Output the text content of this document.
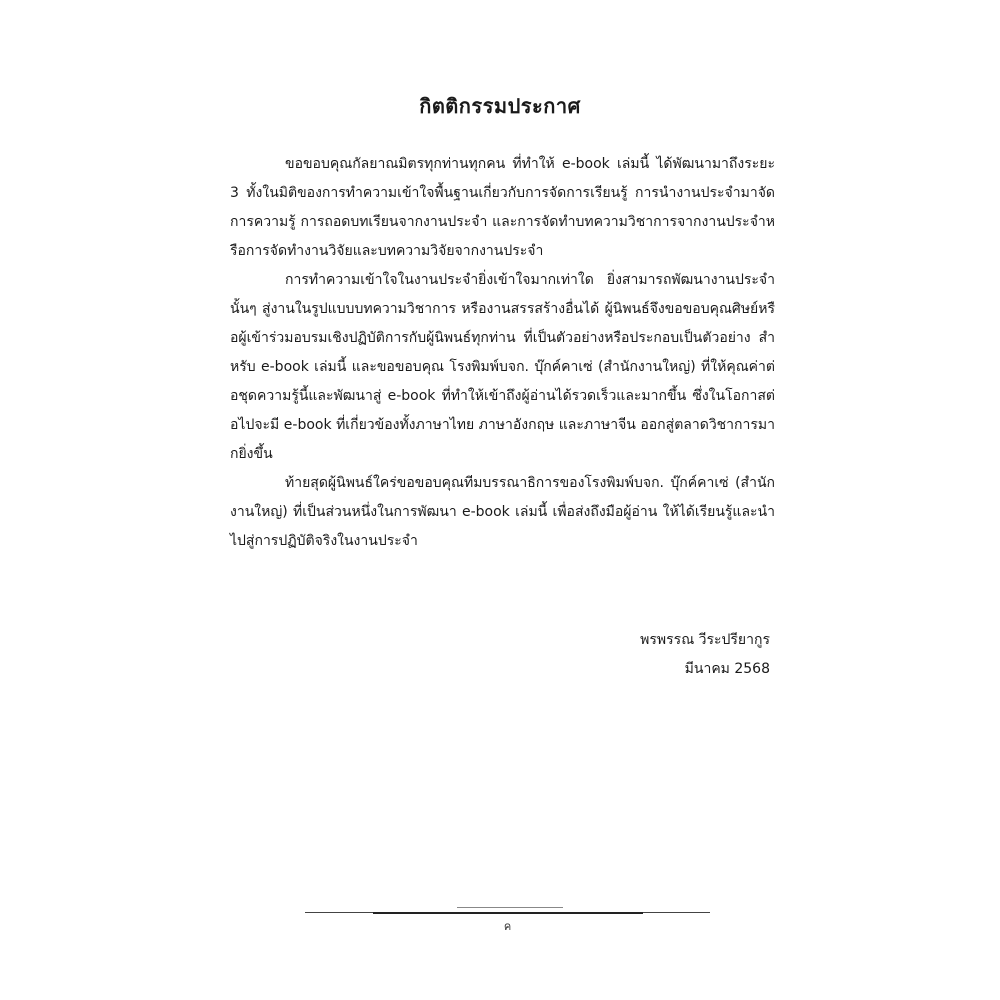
กิตติกรรมประกาศ

ขอขอบคุณกัลยาณมิตรทุกท่านทุกคน ที่ทำให้ e-book เล่มนี้ ได้พัฒนามาถึงระยะ 3 ทั้งในมิติของการทำความเข้าใจพื้นฐานเกี่ยวกับการจัดการเรียนรู้ การนำงานประจำมาจัดการความรู้ การถอดบทเรียนจากงานประจำ และการจัดทำบทความวิชาการจากงานประจำหรือการจัดทำงานวิจัยและบทความวิจัยจากงานประจำ

การทำความเข้าใจในงานประจำยิ่งเข้าใจมากเท่าใด ยิ่งสามารถพัฒนางานประจำนั้นๆ สู่งานในรูปแบบบทความวิชาการ หรืองานสรรสร้างอื่นได้ ผู้นิพนธ์จึงขอขอบคุณศิษย์หรือผู้เข้าร่วมอบรมเชิงปฏิบัติการกับผู้นิพนธ์ทุกท่าน ที่เป็นตัวอย่างหรือประกอบเป็นตัวอย่าง สำหรับ e-book เล่มนี้ และขอขอบคุณ โรงพิมพ์บจก. บุ๊กค์คาเซ่ (สำนักงานใหญ่) ที่ให้คุณค่าต่อชุดความรู้นี้และพัฒนาสู่ e-book ที่ทำให้เข้าถึงผู้อ่านได้รวดเร็วและมากขึ้น ซึ่งในโอกาสต่อไปจะมี e-book ที่เกี่ยวข้องทั้งภาษาไทย ภาษาอังกฤษ และภาษาจีน ออกสู่ตลาดวิชาการมากยิ่งขึ้น

ท้ายสุดผู้นิพนธ์ใคร่ขอขอบคุณทีมบรรณาธิการของโรงพิมพ์บจก. บุ๊กค์คาเซ่ (สำนักงานใหญ่) ที่เป็นส่วนหนึ่งในการพัฒนา e-book เล่มนี้ เพื่อส่งถึงมือผู้อ่าน ให้ได้เรียนรู้และนำไปสู่การปฏิบัติจริงในงานประจำ

พรพรรณ วีระปรียากูร
มีนาคม 2568
ค
